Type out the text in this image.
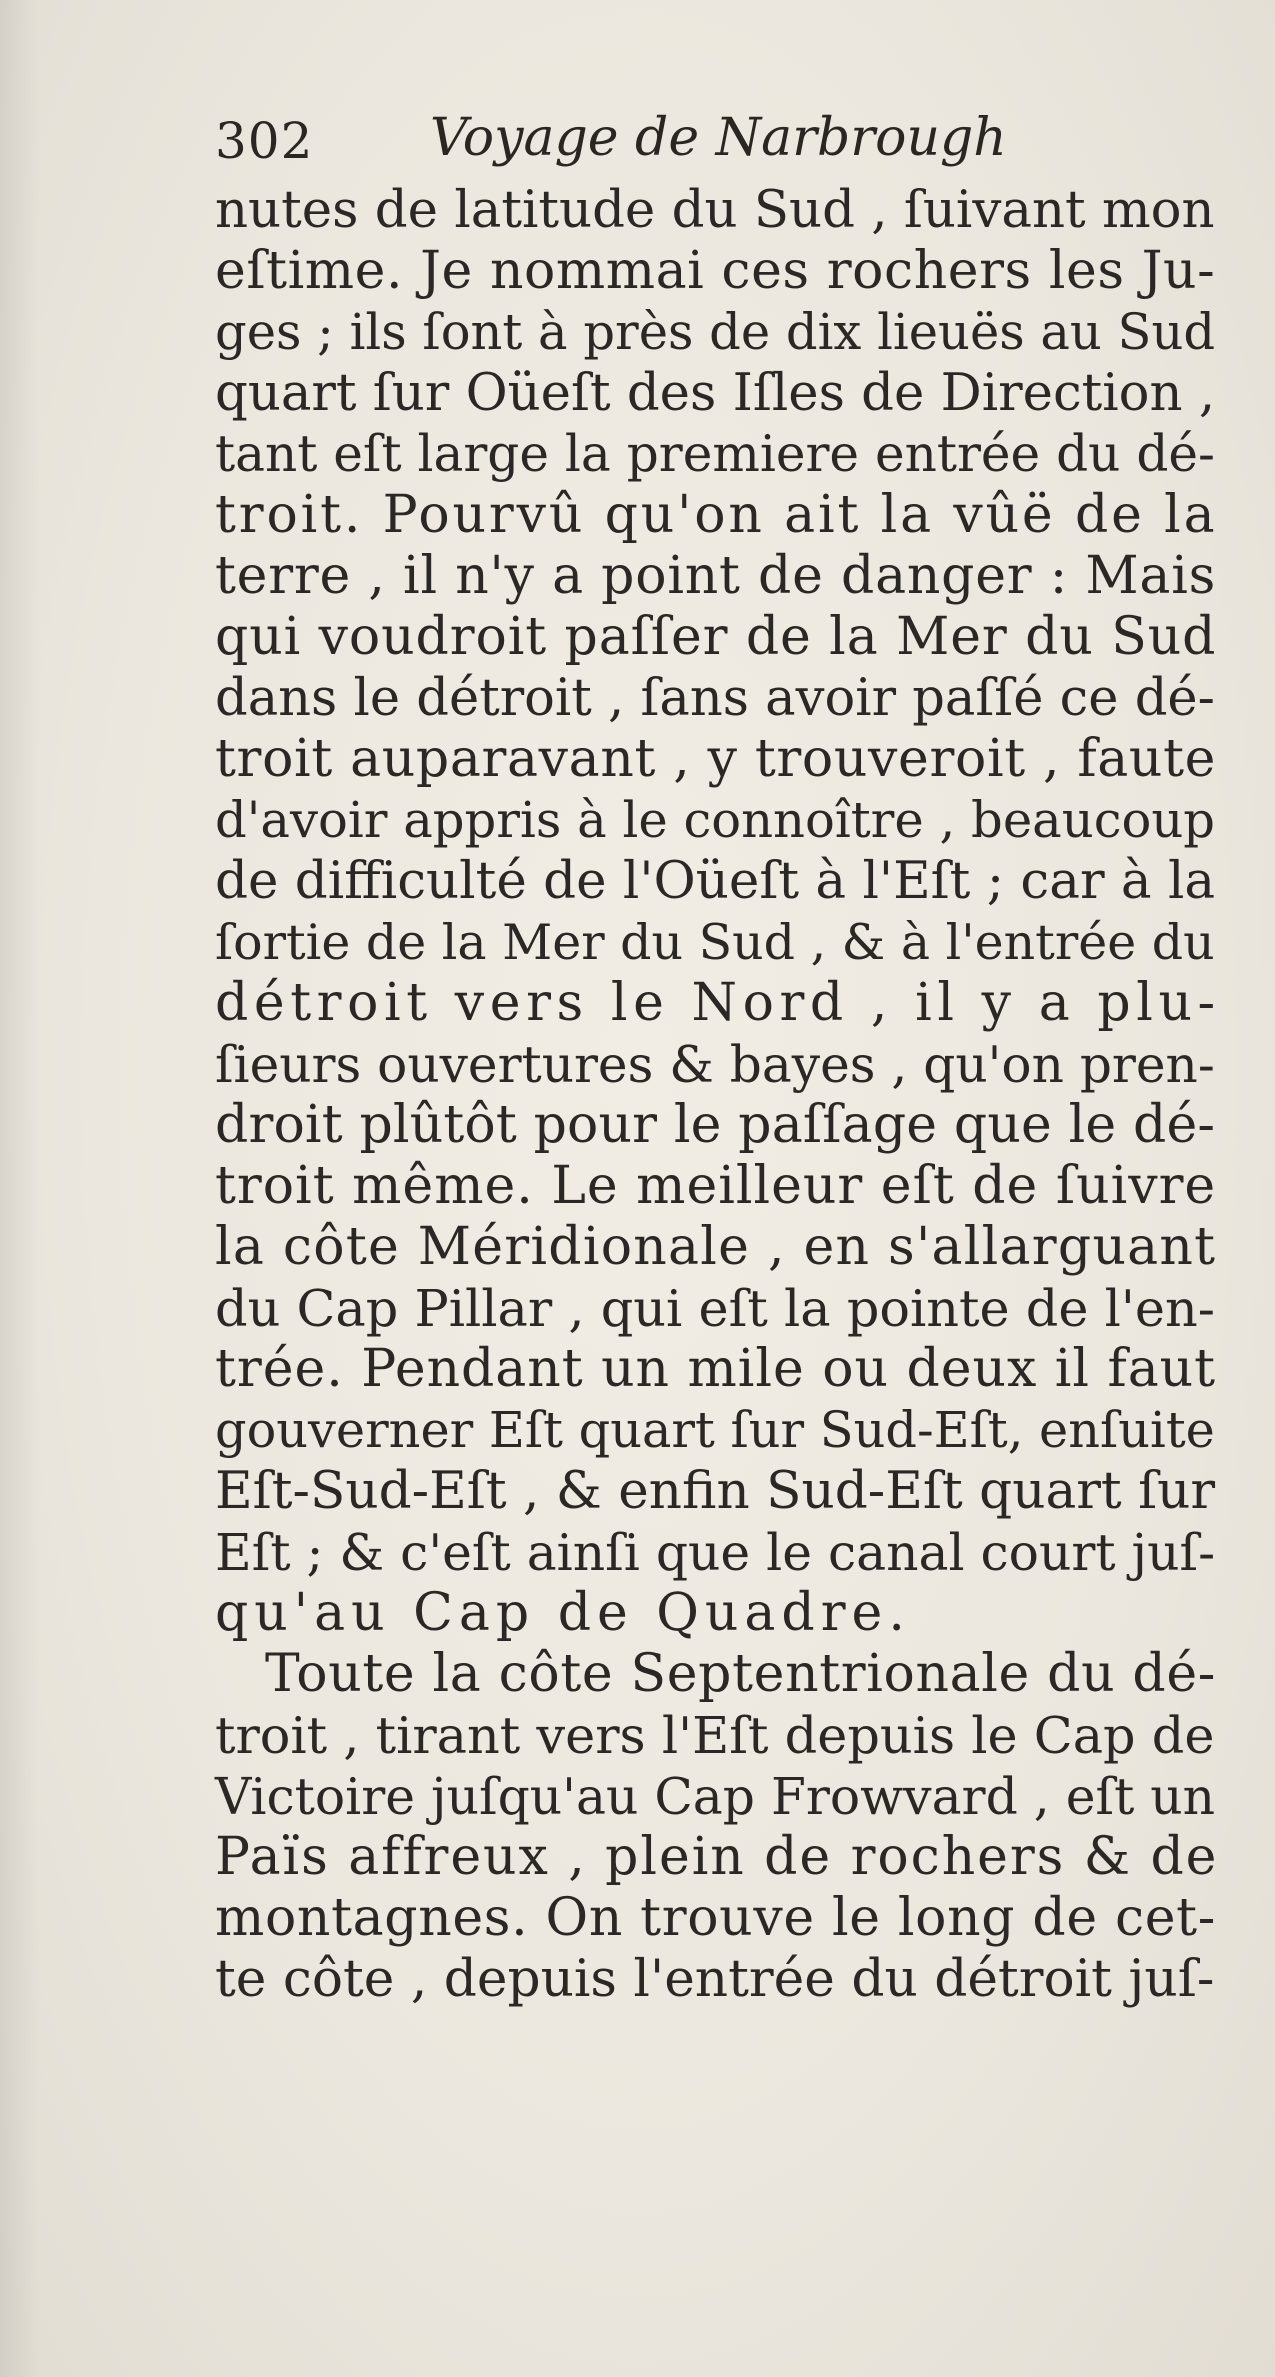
302 Voyage de Narbrough
nutes de latitude du Sud , ſuivant mon
eſtime. Je nommai ces rochers les Ju-
ges ; ils ſont à près de dix lieuës au Sud
quart ſur Oüeſt des Iſles de Direction ,
tant eſt large la premiere entrée du dé-
troit. Pourvû qu'on ait la vûë de la
terre , il n'y a point de danger : Mais
qui voudroit paſſer de la Mer du Sud
dans le détroit , ſans avoir paſſé ce dé-
troit auparavant , y trouveroit , faute
d'avoir appris à le connoître , beaucoup
de difficulté de l'Oüeſt à l'Eſt ; car à la
ſortie de la Mer du Sud , & à l'entrée du
détroit vers le Nord , il y a plu-
ſieurs ouvertures & bayes , qu'on pren-
droit plûtôt pour le paſſage que le dé-
troit même. Le meilleur eſt de ſuivre
la côte Méridionale , en s'allarguant
du Cap Pillar , qui eſt la pointe de l'en-
trée. Pendant un mile ou deux il faut
gouverner Eſt quart ſur Sud-Eſt, enſuite
Eſt-Sud-Eſt , & enfin Sud-Eſt quart ſur
Eſt ; & c'eſt ainſi que le canal court juſ-
qu'au Cap de Quadre.
Toute la côte Septentrionale du dé-
troit , tirant vers l'Eſt depuis le Cap de
Victoire juſqu'au Cap Frowvard , eſt un
Païs affreux , plein de rochers & de
montagnes. On trouve le long de cet-
te côte , depuis l'entrée du détroit juſ-
